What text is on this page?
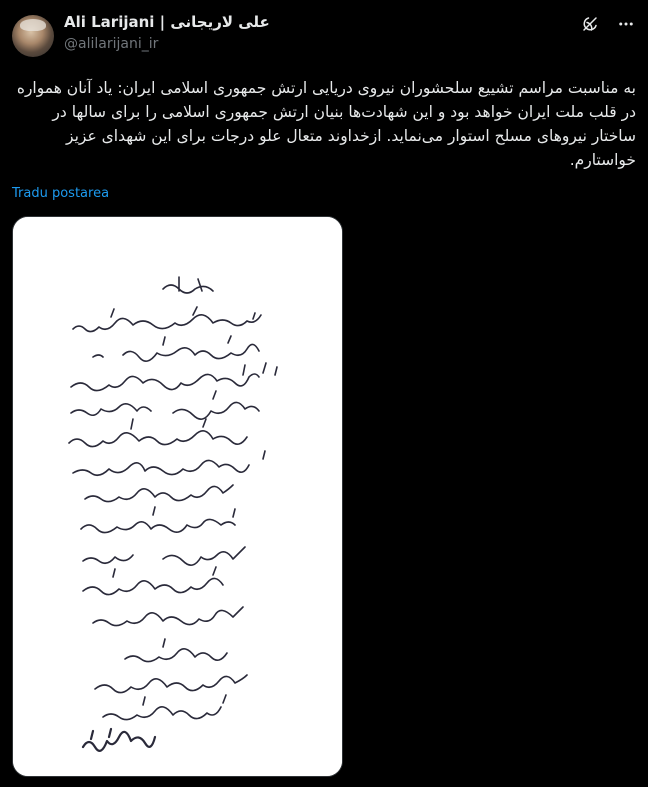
Ali Larijani | علی لاریجانی
@alilarijani_ir
به مناسبت مراسم تشییع سلحشوران نیروی دریایی ارتش جمهوری اسلامی ایران: یاد آنان همواره در قلب ملت ایران خواهد بود و این شهادت‌ها بنیان ارتش جمهوری اسلامی را برای سالها در ساختار نیروهای مسلح استوار می‌نماید. ازخداوند متعال علو درجات برای این شهدای عزیز خواستارم.
Tradu postarea
